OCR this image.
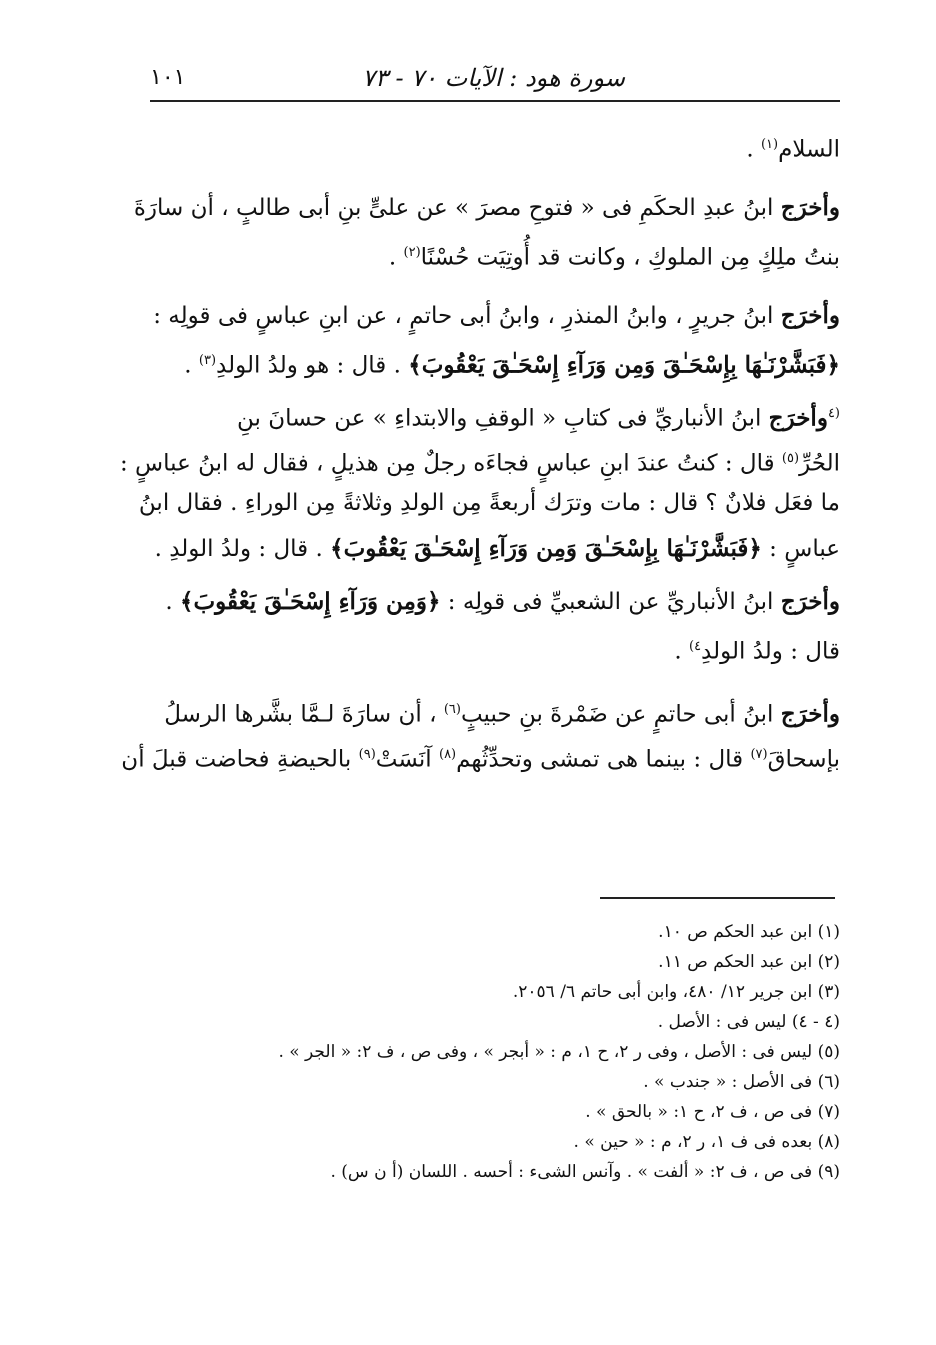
سورة هود : الآيات ٧٠ - ٧٣
١٠١
السلام$^{(١)}$ .
وأخرَج ابنُ عبدِ الحكَمِ فى « فتوحِ مصرَ » عن علىٍّ بنِ أبى طالبٍ ، أن سارَةَ
بنتُ ملِكٍ مِن الملوكِ ، وكانت قد أُوتِيَت حُسْنًا$^{(٢)}$ .
وأخرَج ابنُ جريرٍ ، وابنُ المنذرِ ، وابنُ أبى حاتمٍ ، عن ابنِ عباسٍ فى قولِه :
﴿فَبَشَّرْنَـٰهَا بِإِسْحَـٰقَ وَمِن وَرَآءِ إِسْحَـٰقَ يَعْقُوبَ﴾ . قال : هو ولدُ الولدِ$^{(٣)}$ .
$^{(٤}$وأخرَج ابنُ الأنباريِّ فى كتابِ « الوقفِ والابتداءِ » عن حسانَ بنِ
الحُرِّ$^{(٥)}$ قال : كنتُ عندَ ابنِ عباسٍ فجاءَه رجلٌ مِن هذيلٍ ، فقال له ابنُ عباسٍ :
ما فعَل فلانٌ ؟ قال : مات وترَك أربعةً مِن الولدِ وثلاثةً مِن الوراءِ . فقال ابنُ
عباسٍ : ﴿فَبَشَّرْنَـٰهَا بِإِسْحَـٰقَ وَمِن وَرَآءِ إِسْحَـٰقَ يَعْقُوبَ﴾ . قال : ولدُ الولدِ .
وأخرَج ابنُ الأنباريِّ عن الشعبيِّ فى قولِه : ﴿وَمِن وَرَآءِ إِسْحَـٰقَ يَعْقُوبَ﴾ .
قال : ولدُ الولدِ$^{٤)}$ .
وأخرَج ابنُ أبى حاتمٍ عن ضَمْرةَ بنِ حبيبٍ$^{(٦)}$ ، أن سارَةَ لـمَّا بشَّرها الرسلُ
بإسحاقَ$^{(٧)}$ قال : بينما هى تمشى وتحدِّثُهم$^{(٨)}$ آنَسَتْ$^{(٩)}$ بالحيضةِ فحاضت قبلَ أن
(١) ابن عبد الحكم ص ١٠.
(٢) ابن عبد الحكم ص ١١.
(٣) ابن جرير ١٢/ ٤٨٠، وابن أبى حاتم ٦/ ٢٠٥٦.
(٤ - ٤) ليس فى : الأصل .
(٥) ليس فى : الأصل ، وفى ر ٢، ح ١، م : « أبجر » ، وفى ص ، ف ٢: « الجر » .
(٦) فى الأصل : « جندب » .
(٧) فى ص ، ف ٢، ح ١: « بالحق » .
(٨) بعده فى ف ١، ر ٢، م : « حين » .
(٩) فى ص ، ف ٢: « ألفت » . وآنس الشىء : أحسه . اللسان (أ ن س) .
